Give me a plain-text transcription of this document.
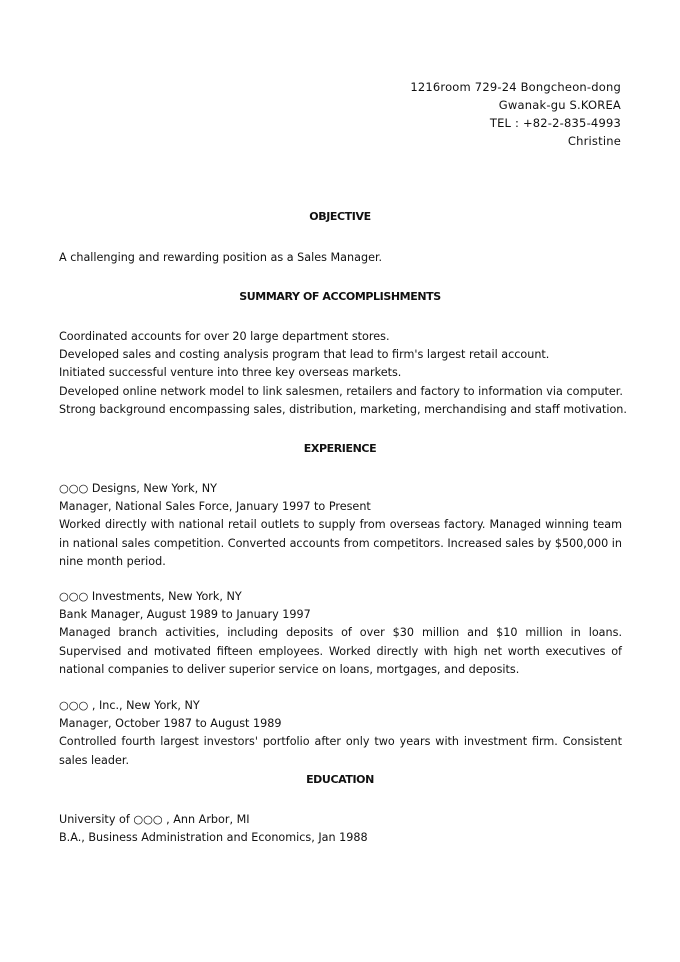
1216room 729-24 Bongcheon-dong
Gwanak-gu S.KOREA
TEL : +82-2-835-4993
Christine
OBJECTIVE
A challenging and rewarding position as a Sales Manager.
SUMMARY OF ACCOMPLISHMENTS
Coordinated accounts for over 20 large department stores.
Developed sales and costing analysis program that lead to firm's largest retail account.
Initiated successful venture into three key overseas markets.
Developed online network model to link salesmen, retailers and factory to information via computer.
Strong background encompassing sales, distribution, marketing, merchandising and staff motivation.
EXPERIENCE
○○○ Designs, New York, NY
Manager, National Sales Force, January 1997 to Present
Worked directly with national retail outlets to supply from overseas factory. Managed winning team in national sales competition. Converted accounts from competitors. Increased sales by $500,000 in nine month period.
○○○ Investments, New York, NY
Bank Manager, August 1989 to January 1997
Managed branch activities, including deposits of over $30 million and $10 million in loans. Supervised and motivated fifteen employees. Worked directly with high net worth executives of national companies to deliver superior service on loans, mortgages, and deposits.
○○○ , Inc., New York, NY
Manager, October 1987 to August 1989
Controlled fourth largest investors' portfolio after only two years with investment firm. Consistent sales leader.
EDUCATION
University of ○○○ , Ann Arbor, MI
B.A., Business Administration and Economics, Jan 1988
